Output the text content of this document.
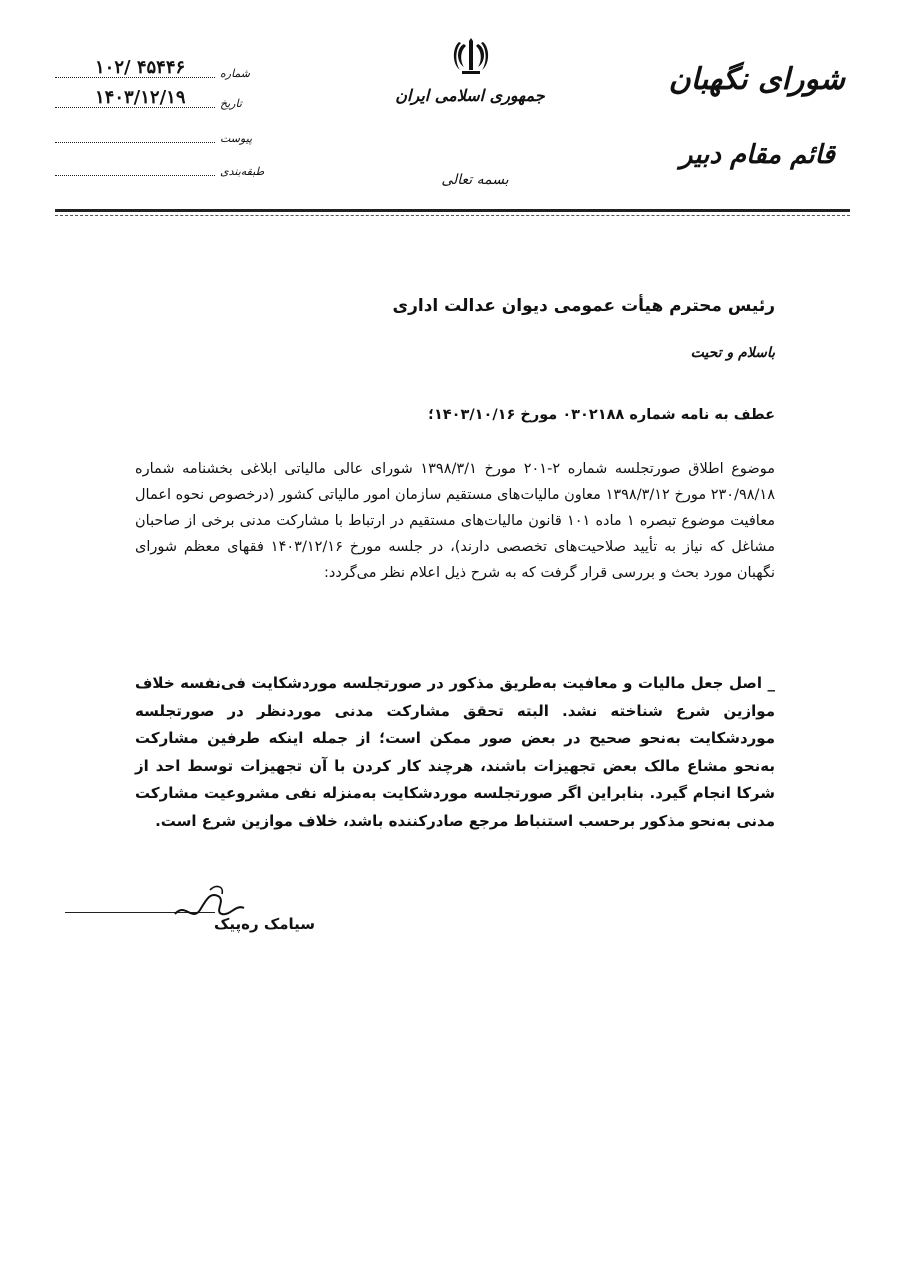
۱۰۲/ ۴۵۴۴۶	شماره
۱۴۰۳/۱۲/۱۹	تاریخ
پیوست
طبقه‌بندی
جمهوری اسلامی ایران
بسمه تعالی
شورای نگهبان
قائم مقام دبیر
رئیس محترم هیأت عمومی دیوان عدالت اداری
باسلام و تحیت
عطف به نامه شماره ۰۳۰۲۱۸۸ مورخ ۱۴۰۳/۱۰/۱۶؛

موضوع اطلاق صورتجلسه شماره ۲-۲۰۱ مورخ ۱۳۹۸/۳/۱ شورای عالی مالیاتی ابلاغی بخشنامه شماره ۲۳۰/۹۸/۱۸ مورخ ۱۳۹۸/۳/۱۲ معاون مالیات‌های مستقیم سازمان امور مالیاتی کشور (درخصوص نحوه اعمال معافیت موضوع تبصره ۱ ماده ۱۰۱ قانون مالیات‌های مستقیم در ارتباط با مشارکت مدنی برخی از صاحبان مشاغل که نیاز به تأیید صلاحیت‌های تخصصی دارند)، در جلسه مورخ ۱۴۰۳/۱۲/۱۶ فقهای معظم شورای نگهبان مورد بحث و بررسی قرار گرفت که به شرح ذیل اعلام نظر می‌گردد:

_ اصل جعل مالیات و معافیت به‌طریق مذکور در صورتجلسه موردشکایت فی‌نفسه خلاف موازین شرع شناخته نشد. البته تحقق مشارکت مدنی موردنظر در صورتجلسه موردشکایت به‌نحو صحیح در بعض صور ممکن است؛ از جمله اینکه طرفین مشارکت به‌نحو مشاع مالک بعض تجهیزات باشند، هرچند کار کردن با آن تجهیزات توسط احد از شرکا انجام گیرد. بنابراین اگر صورتجلسه موردشکایت به‌منزله نفی مشروعیت مشارکت مدنی به‌نحو مذکور برحسب استنباط مرجع صادرکننده باشد، خلاف موازین شرع است.

سیامک ره‌پیک
